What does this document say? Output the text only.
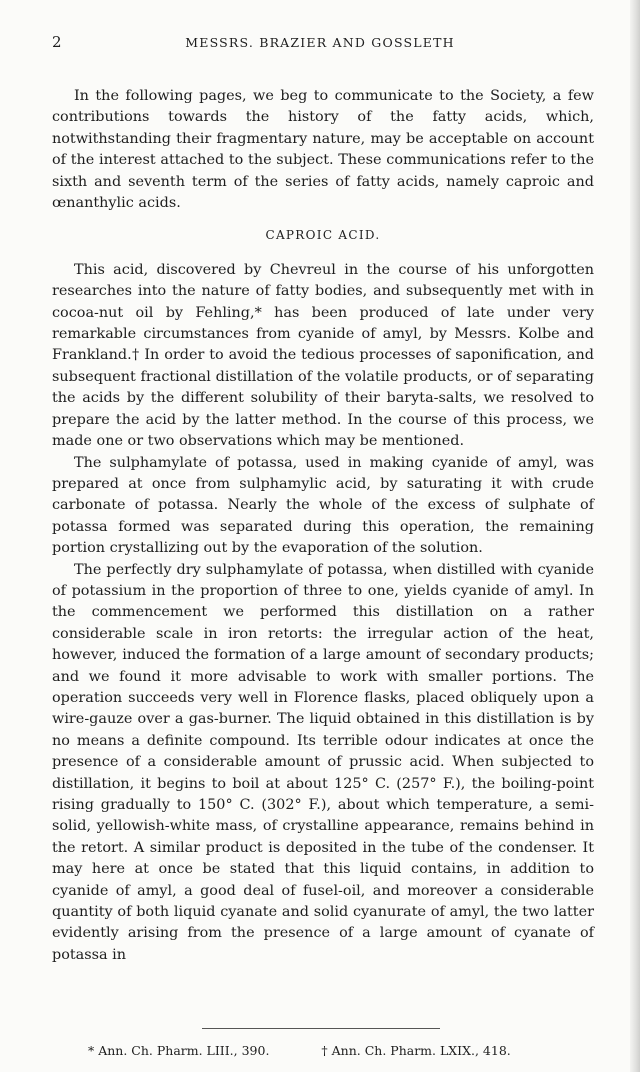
2	MESSRS. BRAZIER AND GOSSLETH

In the following pages, we beg to communicate to the Society, a few contributions towards the history of the fatty acids, which, notwithstanding their fragmentary nature, may be acceptable on account of the interest attached to the subject. These communications refer to the sixth and seventh term of the series of fatty acids, namely caproic and œnanthylic acids.

CAPROIC ACID.

This acid, discovered by Chevreul in the course of his unforgotten researches into the nature of fatty bodies, and subsequently met with in cocoa-nut oil by Fehling,* has been produced of late under very remarkable circumstances from cyanide of amyl, by Messrs. Kolbe and Frankland.† In order to avoid the tedious processes of saponification, and subsequent fractional distillation of the volatile products, or of separating the acids by the different solubility of their baryta-salts, we resolved to prepare the acid by the latter method. In the course of this process, we made one or two observations which may be mentioned.

The sulphamylate of potassa, used in making cyanide of amyl, was prepared at once from sulphamylic acid, by saturating it with crude carbonate of potassa. Nearly the whole of the excess of sulphate of potassa formed was separated during this operation, the remaining portion crystallizing out by the evaporation of the solution.

The perfectly dry sulphamylate of potassa, when distilled with cyanide of potassium in the proportion of three to one, yields cyanide of amyl. In the commencement we performed this distillation on a rather considerable scale in iron retorts: the irregular action of the heat, however, induced the formation of a large amount of secondary products; and we found it more advisable to work with smaller portions. The operation succeeds very well in Florence flasks, placed obliquely upon a wire-gauze over a gas-burner. The liquid obtained in this distillation is by no means a definite compound. Its terrible odour indicates at once the presence of a considerable amount of prussic acid. When subjected to distillation, it begins to boil at about 125° C. (257° F.), the boiling-point rising gradually to 150° C. (302° F.), about which temperature, a semi-solid, yellowish-white mass, of crystalline appearance, remains behind in the retort. A similar product is deposited in the tube of the condenser. It may here at once be stated that this liquid contains, in addition to cyanide of amyl, a good deal of fusel-oil, and moreover a considerable quantity of both liquid cyanate and solid cyanurate of amyl, the two latter evidently arising from the presence of a large amount of cyanate of potassa in

* Ann. Ch. Pharm. LIII., 390.	† Ann. Ch. Pharm. LXIX., 418.
